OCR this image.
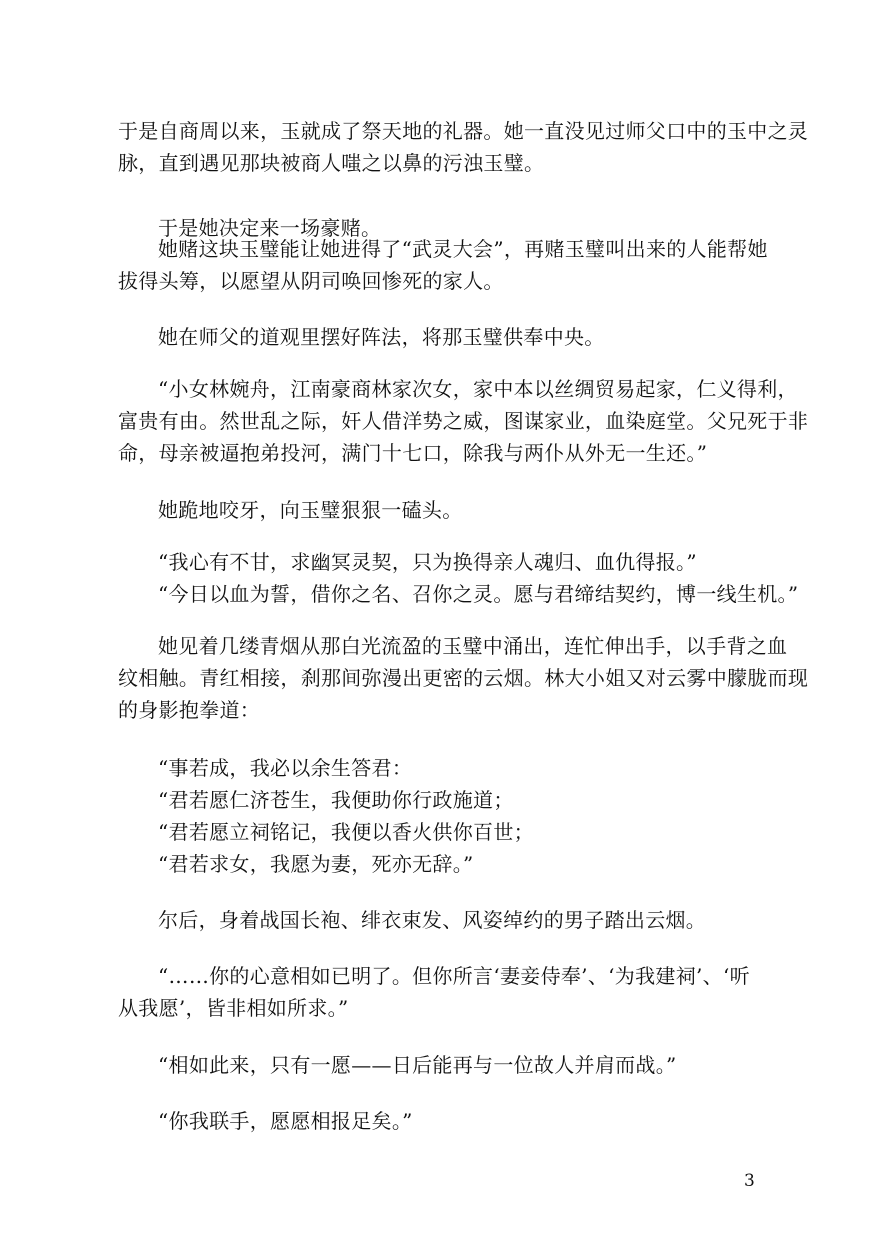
于是自商周以来，玉就成了祭天地的礼器。她一直没见过师父口中的玉中之灵
脉，直到遇见那块被商人嗤之以鼻的污浊玉璧。
于是她决定来一场豪赌。
她赌这块玉璧能让她进得了“武灵大会”，再赌玉璧叫出来的人能帮她
拔得头筹，以愿望从阴司唤回惨死的家人。
她在师父的道观里摆好阵法，将那玉璧供奉中央。
“小女林婉舟，江南豪商林家次女，家中本以丝绸贸易起家，仁义得利，
富贵有由。然世乱之际，奸人借洋势之威，图谋家业，血染庭堂。父兄死于非
命，母亲被逼抱弟投河，满门十七口，除我与两仆从外无一生还。”
她跪地咬牙，向玉璧狠狠一磕头。
“我心有不甘，求幽冥灵契，只为换得亲人魂归、血仇得报。”
“今日以血为誓，借你之名、召你之灵。愿与君缔结契约，博一线生机。”
她见着几缕青烟从那白光流盈的玉璧中涌出，连忙伸出手，以手背之血
纹相触。青红相接，刹那间弥漫出更密的云烟。林大小姐又对云雾中朦胧而现
的身影抱拳道：
“事若成，我必以余生答君：
“君若愿仁济苍生，我便助你行政施道；
“君若愿立祠铭记，我便以香火供你百世；
“君若求女，我愿为妻，死亦无辞。”
尔后，身着战国长袍、绯衣束发、风姿绰约的男子踏出云烟。
“……你的心意相如已明了。但你所言‘妻妾侍奉’、‘为我建祠’、‘听
从我愿’，皆非相如所求。”
“相如此来，只有一愿——日后能再与一位故人并肩而战。”
“你我联手，愿愿相报足矣。”
3
